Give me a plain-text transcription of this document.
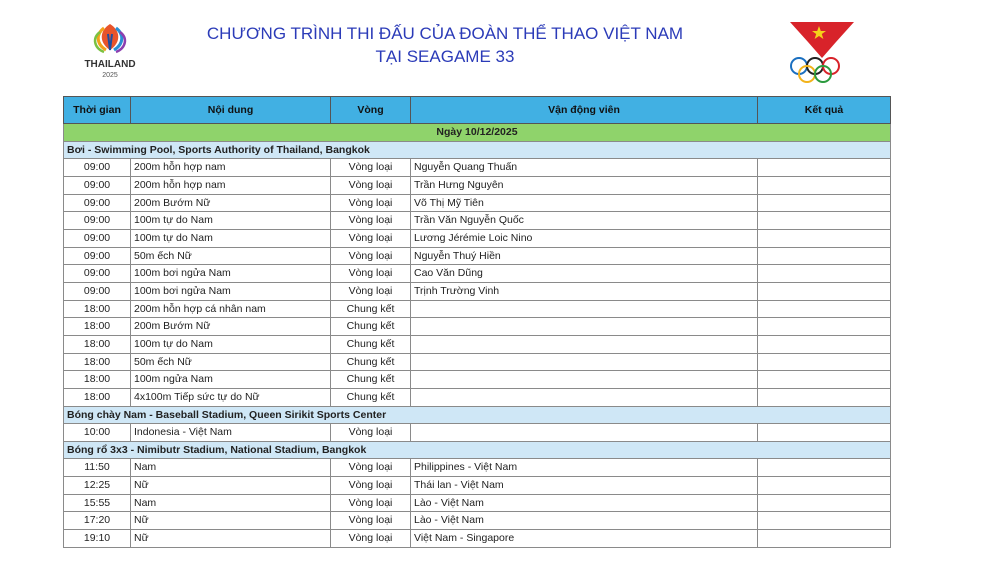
THAILAND
2025
CHƯƠNG TRÌNH THI ĐẤU CỦA ĐOÀN THỂ THAO VIỆT NAM
TẠI SEAGAME 33
Thời gian	Nội dung	Vòng	Vận động viên	Kết quả
Ngày 10/12/2025				
Bơi - Swimming Pool, Sports Authority of Thailand, Bangkok				
09:00	200m hỗn hợp nam	Vòng loại	Nguyễn Quang Thuấn	
09:00	200m hỗn hợp nam	Vòng loại	Trần Hưng Nguyên	
09:00	200m Bướm Nữ	Vòng loại	Võ Thị Mỹ Tiên	
09:00	100m tự do Nam	Vòng loại	Trần Văn Nguyễn Quốc	
09:00	100m tự do Nam	Vòng loại	Lương Jérémie Loic Nino	
09:00	50m ếch Nữ	Vòng loại	Nguyễn Thuý Hiền	
09:00	100m bơi ngửa Nam	Vòng loại	Cao Văn Dũng	
09:00	100m bơi ngửa Nam	Vòng loại	Trịnh Trường Vinh	
18:00	200m hỗn hợp cá nhân nam	Chung kết		
18:00	200m Bướm Nữ	Chung kết		
18:00	100m tự do Nam	Chung kết		
18:00	50m ếch Nữ	Chung kết		
18:00	100m ngửa Nam	Chung kết		
18:00	4x100m Tiếp sức tự do Nữ	Chung kết		
Bóng chày Nam - Baseball Stadium, Queen Sirikit Sports Center				
10:00	Indonesia - Việt Nam	Vòng loại		
Bóng rổ 3x3 - Nimibutr Stadium, National Stadium, Bangkok				
11:50	Nam	Vòng loại	Philippines - Việt Nam	
12:25	Nữ	Vòng loại	Thái lan - Việt Nam	
15:55	Nam	Vòng loại	Lào - Việt Nam	
17:20	Nữ	Vòng loại	Lào - Việt Nam	
19:10	Nữ	Vòng loại	Việt Nam - Singapore	
